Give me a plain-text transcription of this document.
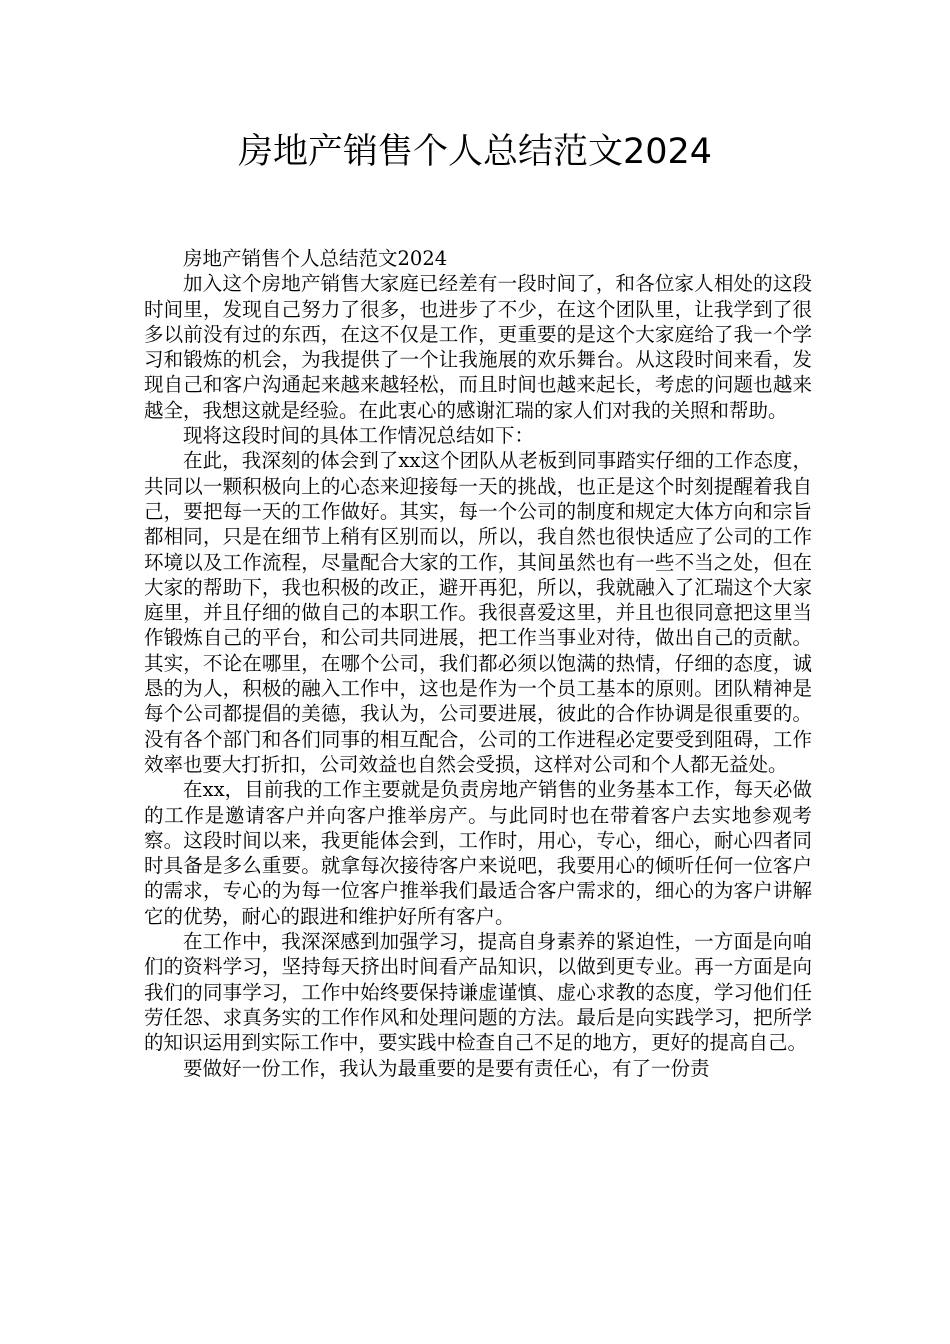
房地产销售个人总结范文2024

房地产销售个人总结范文2024

加入这个房地产销售大家庭已经差有一段时间了，和各位家人相处的这段时间里，发现自己努力了很多，也进步了不少，在这个团队里，让我学到了很多以前没有过的东西，在这不仅是工作，更重要的是这个大家庭给了我一个学习和锻炼的机会，为我提供了一个让我施展的欢乐舞台。从这段时间来看，发现自己和客户沟通起来越来越轻松，而且时间也越来起长，考虑的问题也越来越全，我想这就是经验。在此衷心的感谢汇瑞的家人们对我的关照和帮助。

现将这段时间的具体工作情况总结如下：

在此，我深刻的体会到了xx这个团队从老板到同事踏实仔细的工作态度，共同以一颗积极向上的心态来迎接每一天的挑战，也正是这个时刻提醒着我自己，要把每一天的工作做好。其实，每一个公司的制度和规定大体方向和宗旨都相同，只是在细节上稍有区别而以，所以，我自然也很快适应了公司的工作环境以及工作流程，尽量配合大家的工作，其间虽然也有一些不当之处，但在大家的帮助下，我也积极的改正，避开再犯，所以，我就融入了汇瑞这个大家庭里，并且仔细的做自己的本职工作。我很喜爱这里，并且也很同意把这里当作锻炼自己的平台，和公司共同进展，把工作当事业对待，做出自己的贡献。其实，不论在哪里，在哪个公司，我们都必须以饱满的热情，仔细的态度，诚恳的为人，积极的融入工作中，这也是作为一个员工基本的原则。团队精神是每个公司都提倡的美德，我认为，公司要进展，彼此的合作协调是很重要的。没有各个部门和各们同事的相互配合，公司的工作进程必定要受到阻碍，工作效率也要大打折扣，公司效益也自然会受损，这样对公司和个人都无益处。

在xx，目前我的工作主要就是负责房地产销售的业务基本工作，每天必做的工作是邀请客户并向客户推举房产。与此同时也在带着客户去实地参观考察。这段时间以来，我更能体会到，工作时，用心，专心，细心，耐心四者同时具备是多么重要。就拿每次接待客户来说吧，我要用心的倾听任何一位客户的需求，专心的为每一位客户推举我们最适合客户需求的，细心的为客户讲解它的优势，耐心的跟进和维护好所有客户。

在工作中，我深深感到加强学习，提高自身素养的紧迫性，一方面是向咱们的资料学习，坚持每天挤出时间看产品知识，以做到更专业。再一方面是向我们的同事学习，工作中始终要保持谦虚谨慎、虚心求教的态度，学习他们任劳任怨、求真务实的工作作风和处理问题的方法。最后是向实践学习，把所学的知识运用到实际工作中，要实践中检查自己不足的地方，更好的提高自己。

要做好一份工作，我认为最重要的是要有责任心，有了一份责
